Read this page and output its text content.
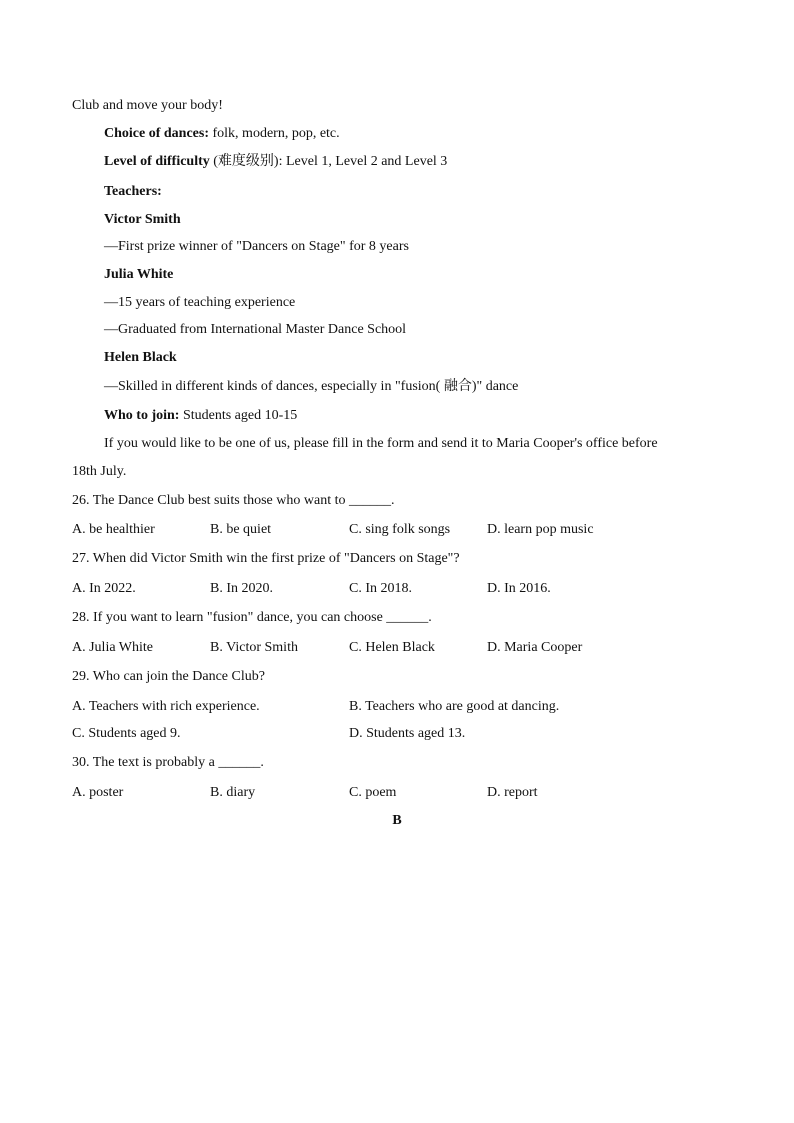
Club and move your body!
Choice of dances: folk, modern, pop, etc.
Level of difficulty (难度级别): Level 1, Level 2 and Level 3
Teachers:
Victor Smith
—First prize winner of "Dancers on Stage" for 8 years
Julia White
—15 years of teaching experience
—Graduated from International Master Dance School
Helen Black
—Skilled in different kinds of dances, especially in "fusion( 融合)" dance
Who to join: Students aged 10-15
If you would like to be one of us, please fill in the form and send it to Maria Cooper's office before
18th July.
26. The Dance Club best suits those who want to ______.
A. be healthier	B. be quiet	C. sing folk songs	D. learn pop music
27. When did Victor Smith win the first prize of "Dancers on Stage"?
A. In 2022.	B. In 2020.	C. In 2018.	D. In 2016.
28. If you want to learn "fusion" dance, you can choose ______.
A. Julia White	B. Victor Smith	C. Helen Black	D. Maria Cooper
29. Who can join the Dance Club?
A. Teachers with rich experience.	B. Teachers who are good at dancing.
C. Students aged 9.	D. Students aged 13.
30. The text is probably a ______.
A. poster	B. diary	C. poem	D. report
B
